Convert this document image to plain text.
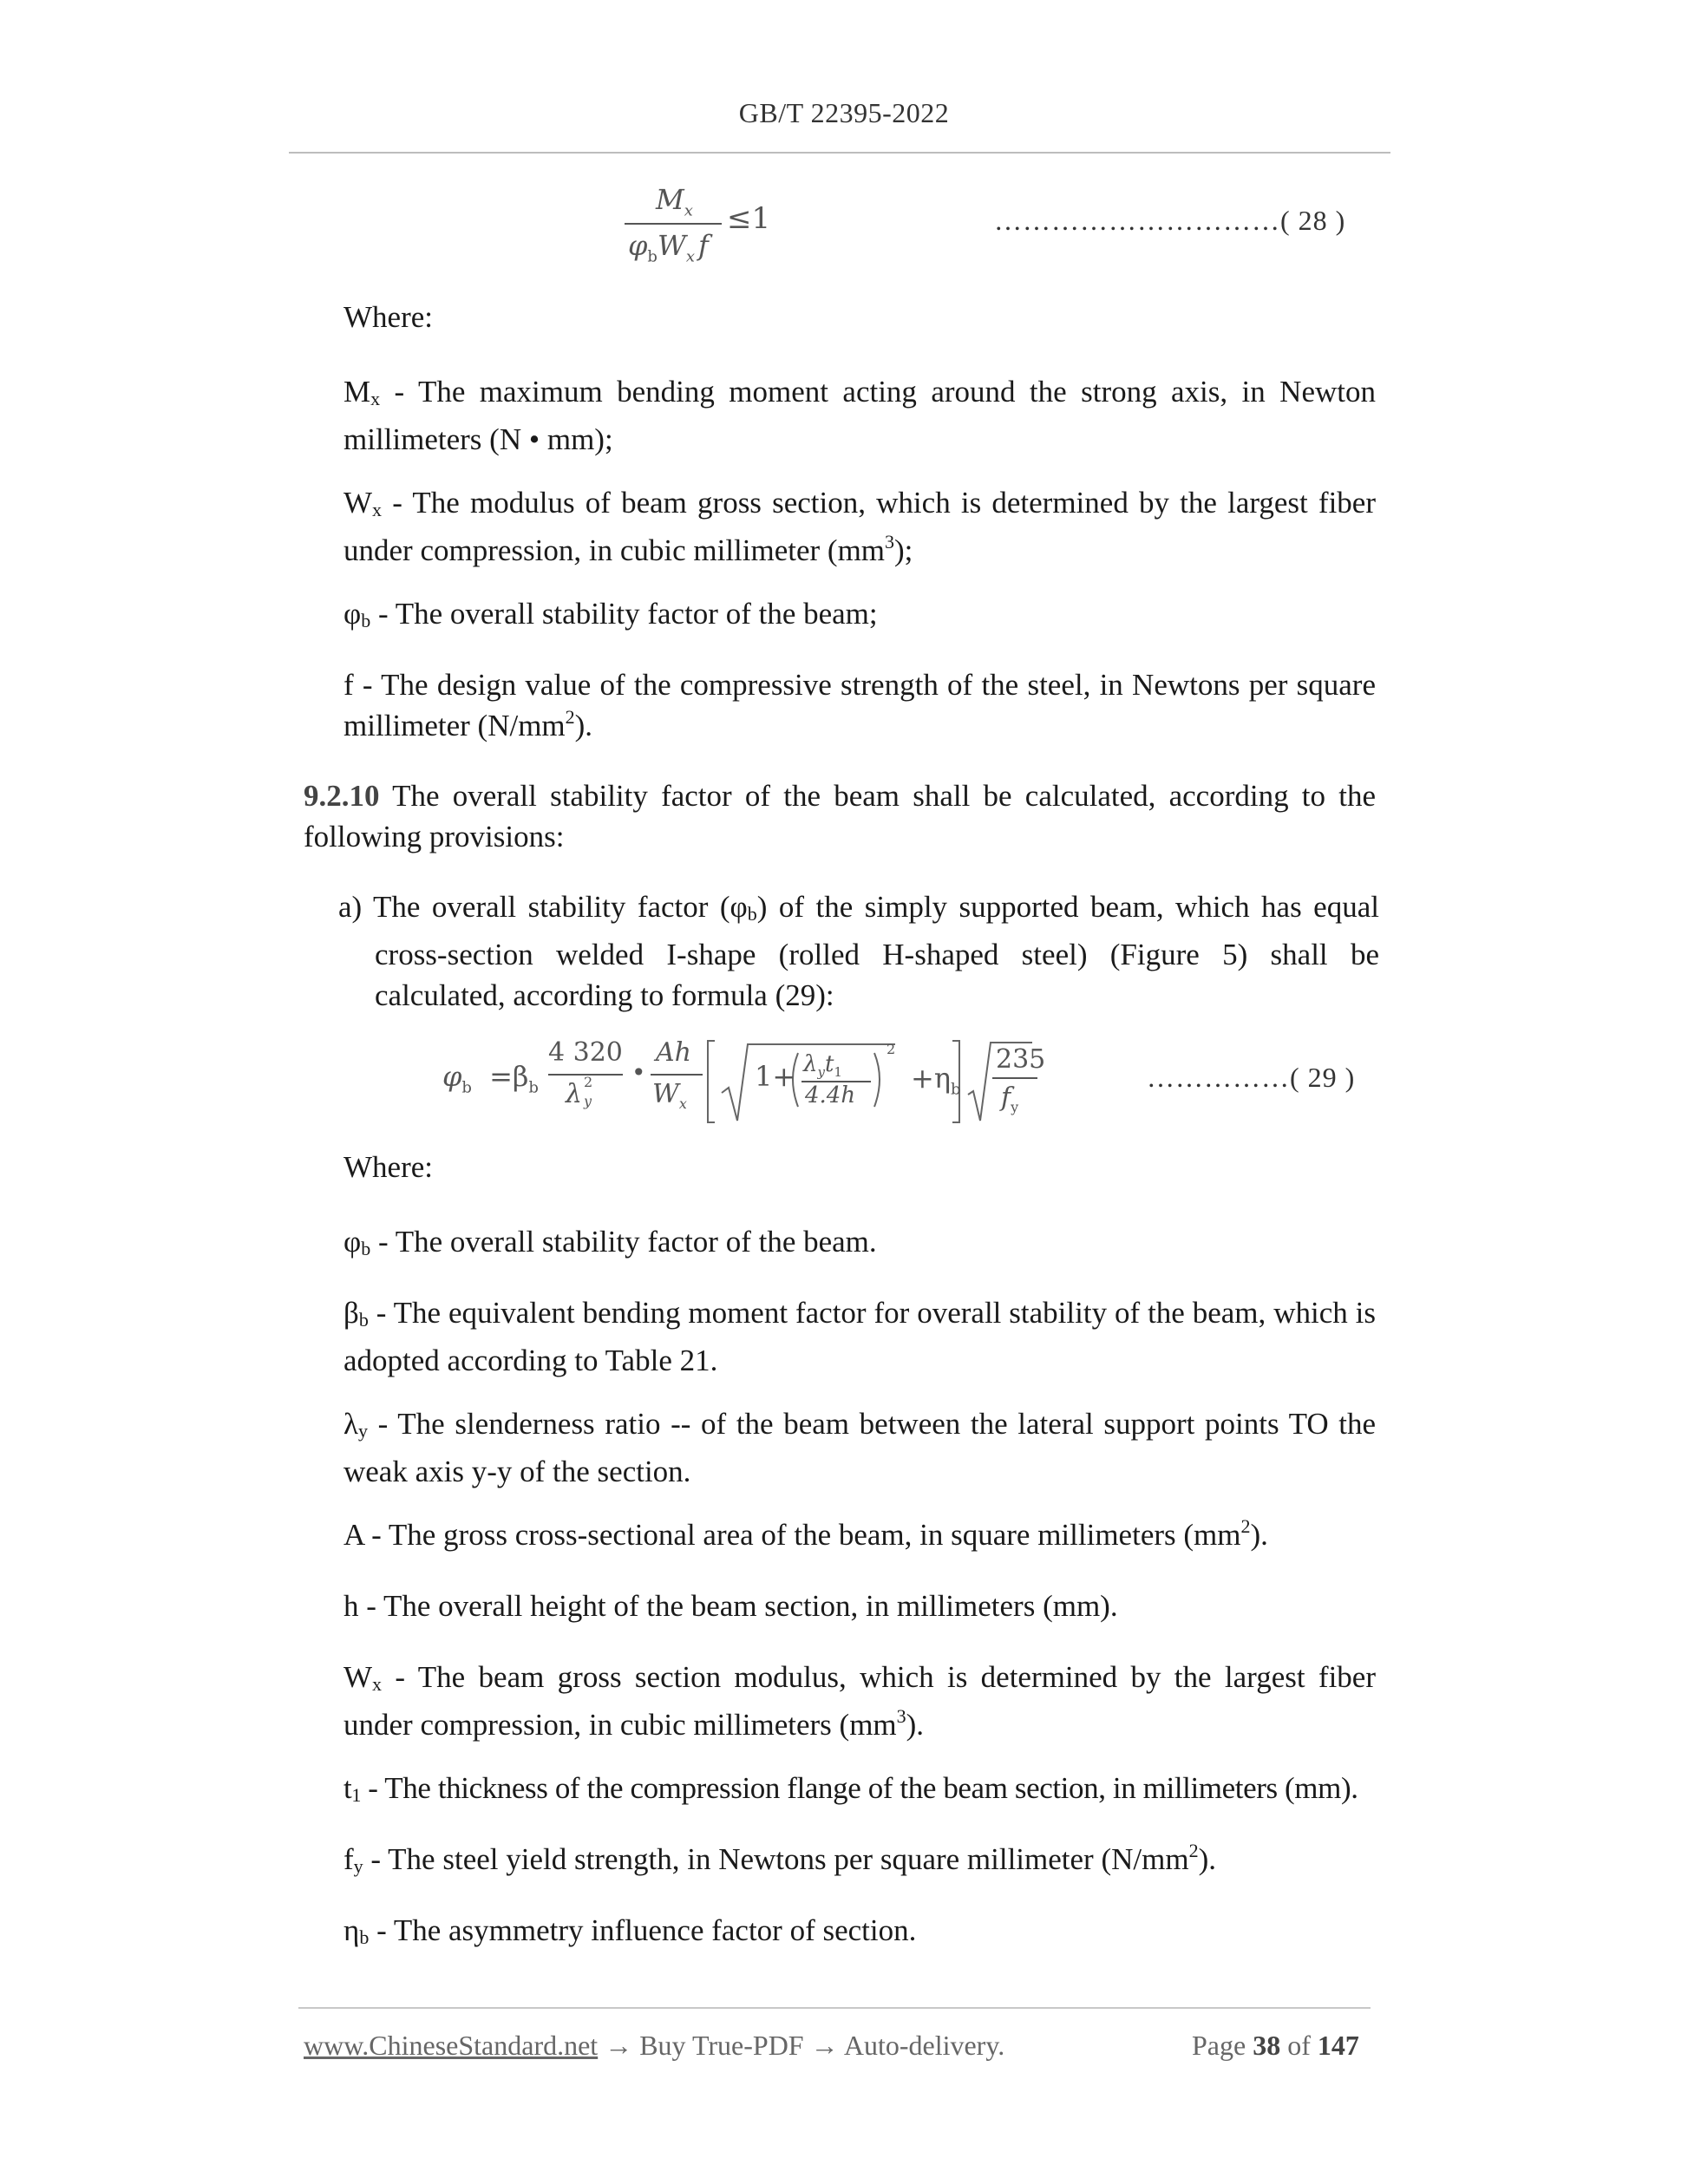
GB/T 22395-2022
$M_x$
$\varphi_bW_x$ f
≤1	…………………………( 28 )
Where:
$M_x$ - The maximum bending moment acting around the strong axis, in Newton millimeters (N • mm);
$W_x$ - The modulus of beam gross section, which is determined by the largest fiber under compression, in cubic millimeter $(mm^3)$;
$\varphi_b$ - The overall stability factor of the beam;
f - The design value of the compressive strength of the steel, in Newtons per square millimeter $(N/mm^2)$.
9.2.10 The overall stability factor of the beam shall be calculated, according to the following provisions:
a) The overall stability factor $(\varphi_b)$ of the simply supported beam, which has equal cross-section welded I-shape (rolled H-shaped steel) (Figure 5) shall be calculated, according to formula (29):
$\varphi_b =\beta_b$
4 320
λ 2
y
•
Ah
$W_x$
$1+ \lambda_yt_1$
4.4h
2
$+\eta_b$
235
$f_y$
……………( 29 )
Where:
$\varphi_b$ - The overall stability factor of the beam.
$\beta_b$ - The equivalent bending moment factor for overall stability of the beam, which is adopted according to Table 21.
$\lambda_y$ - The slenderness ratio -- of the beam between the lateral support points TO the weak axis y-y of the section.
A - The gross cross-sectional area of the beam, in square millimeters $(mm^2)$.
h - The overall height of the beam section, in millimeters (mm).
$W_x$ - The beam gross section modulus, which is determined by the largest fiber under compression, in cubic millimeters $(mm^3)$.
$t_1$ - The thickness of the compression flange of the beam section, in millimeters (mm).
$f_y$ - The steel yield strength, in Newtons per square millimeter $(N/mm^2)$.
$\eta_b$ - The asymmetry influence factor of section.
www.ChineseStandard.net → Buy True-PDF → Auto-delivery.	Page 38 of 147
